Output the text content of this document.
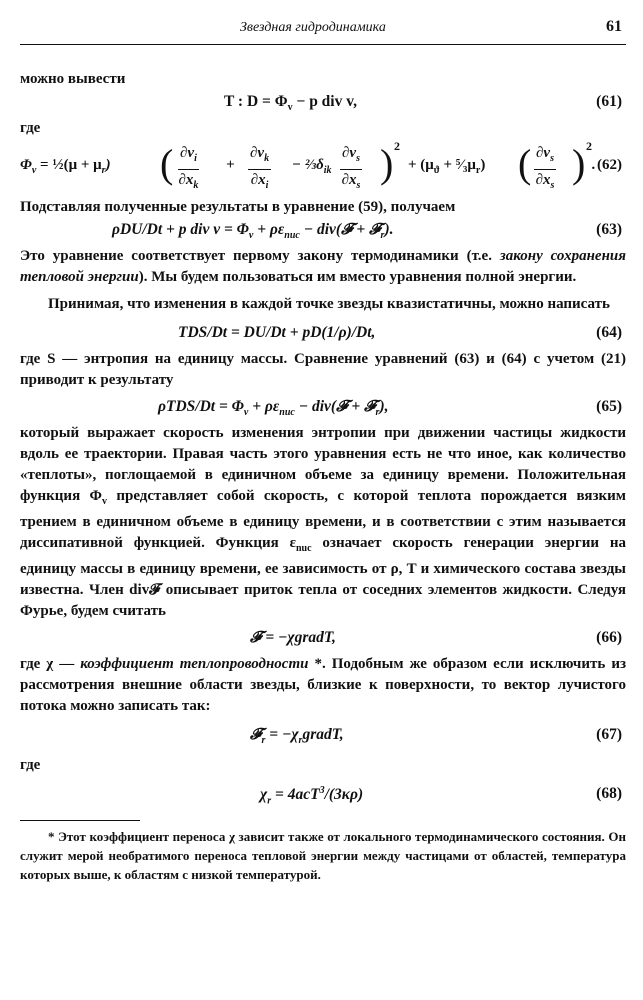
Звездная гидродинамика	61

можно вывести

T : $D = \Phi_v - p$ div v,	(61)

где

$\Phi_v$ = ½(μ + $\mu_r$) ( $\frac{\partial v_i}{\partial x_k} + \frac{\partial v_k}{\partial x_i}$ − $\frac{2}{3}\delta_{ik} \frac{\partial v_s}{\partial x_s}$ ) 2
+ ($\mu_ϑ$ + $^5⁄_3\mu_r$) ( $\frac{\partial v_s}{\partial x_s}$ ) 2
. (62)

Подставляя полученные результаты в уравнение (59), получаем

ρDU/Dt + p div $v = \Phi_v + \rho\varepsilon_{nuc}$ − div(𝓕 + 𝓕$_r$).	(63)

Это уравнение соответствует первому закону термодинамики (т.е. закону сохранения тепловой энергии). Мы будем пользоваться им вместо уравнения полной энергии.

Принимая, что изменения в каждой точке звезды квазистатичны, можно написать

TDS/Dt = DU/Dt + pD(1/ρ)/Dt,	(64)

где S — энтропия на единицу массы. Сравнение уравнений (63) и (64) с учетом (21) приводит к результату

$\rho TDS/Dt = \Phi_v + \rho\varepsilon_{nuc}$ − div(𝓕 + 𝓕$_r$),	(65)

который выражает скорость изменения энтропии при движении частицы жидкости вдоль ее траектории. Правая часть этого уравнения есть не что иное, как количество «теплоты», поглощаемой в единичном объеме за единицу времени. Положительная функция $\Phi_v$ представляет собой скорость, с которой теплота порождается вязким трением в единичном объеме в единицу времени, и в соответствии с этим называется диссипативной функцией. Функция $\varepsilon_{nuc}$ означает скорость генерации энергии на единицу массы в единицу времени, ее зависимость от ρ, T и химического состава звезды известна. Член div𝓕 описывает приток тепла от соседних элементов жидкости. Следуя Фурье, будем считать

𝓕 = −χgradT,	(66)

где χ — коэффициент теплопроводности *. Подобным же образом если исключить из рассмотрения внешние области звезды, близкие к поверхности, то вектор лучистого потока можно записать так:

𝓕$_r$ = $-\chi_rgradT$,	(67)

где

$\chi_r = 4acT^3/(3\kappa\rho)$	(68)

* Этот коэффициент переноса χ зависит также от локального термодинамического состояния. Он служит мерой необратимого переноса тепловой энергии между частицами от областей, температура которых выше, к областям с низкой температурой.
